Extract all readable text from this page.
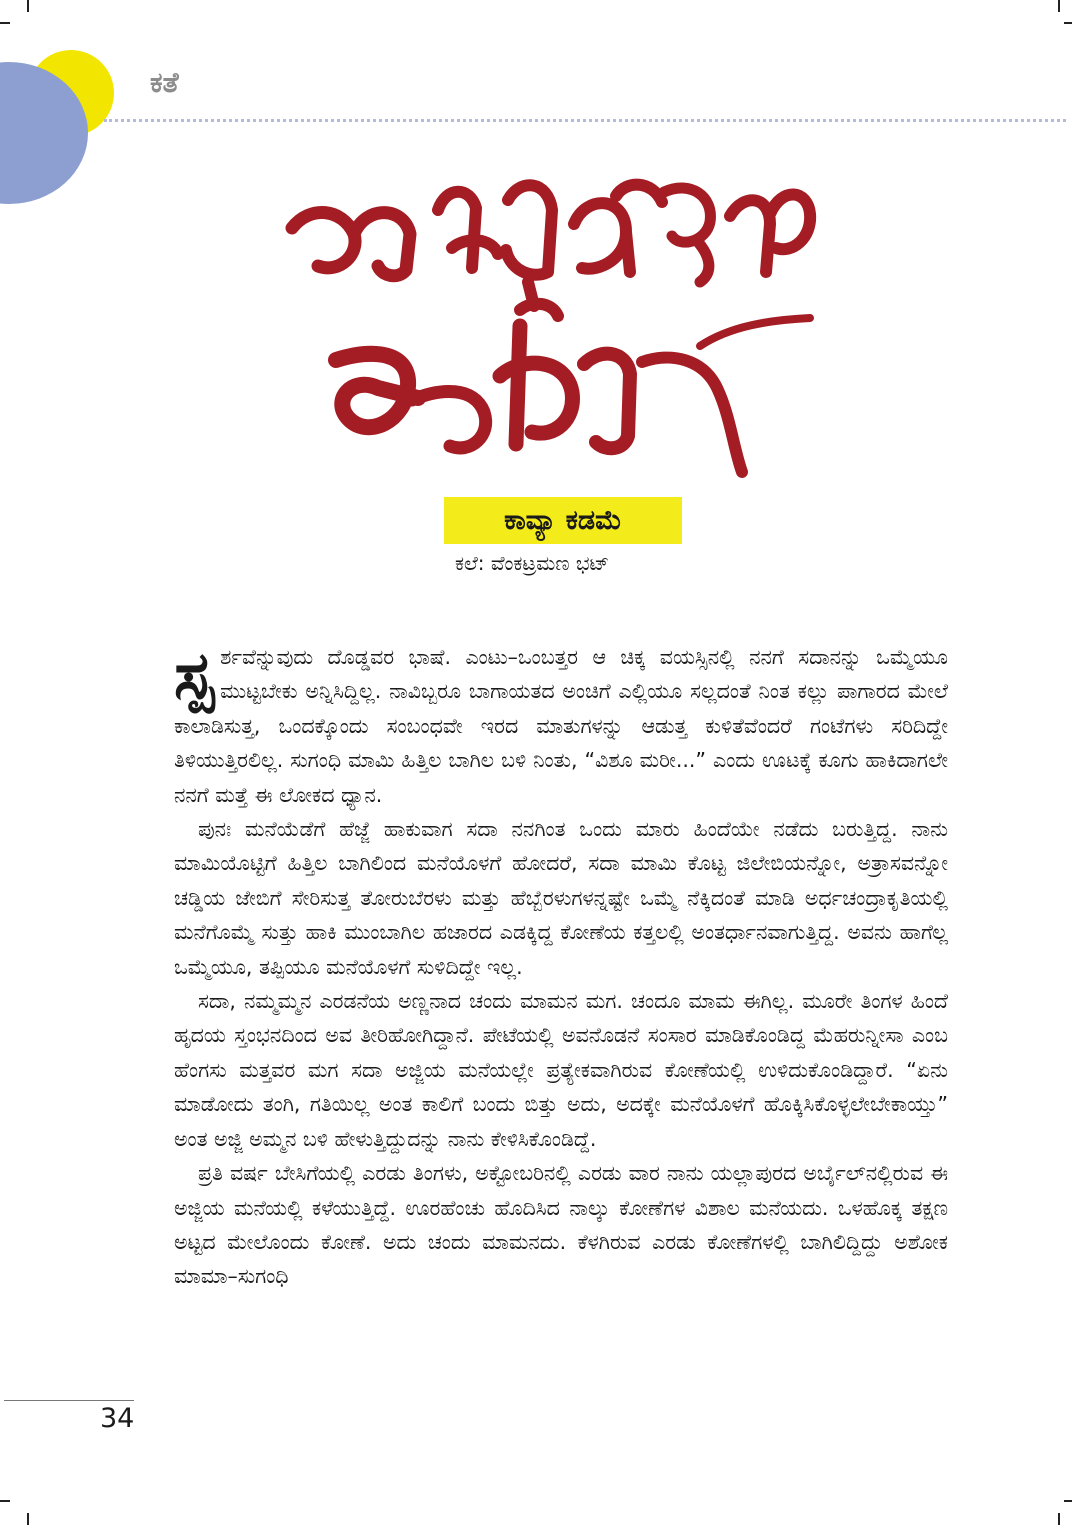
ಕತೆ
ಕಾವ್ಯಾ ಕಡಮೆ
ಕಲೆ: ವೆಂಕಟ್ರಮಣ ಭಟ್

ಸ್ಪ ರ್ಶವೆನ್ನುವುದು ದೊಡ್ಡವರ ಭಾಷೆ. ಎಂಟು–ಒಂಬತ್ತರ ಆ ಚಿಕ್ಕ ವಯಸ್ಸಿನಲ್ಲಿ ನನಗೆ ಸದಾನನ್ನು ಒಮ್ಮೆಯೂ ಮುಟ್ಟಬೇಕು ಅನ್ನಿಸಿದ್ದಿಲ್ಲ. ನಾವಿಬ್ಬರೂ ಬಾಗಾಯತದ ಅಂಚಿಗೆ ಎಲ್ಲಿಯೂ ಸಲ್ಲದಂತೆ ನಿಂತ ಕಲ್ಲು ಪಾಗಾರದ ಮೇಲೆ ಕಾಲಾಡಿಸುತ್ತ, ಒಂದಕ್ಕೊಂದು ಸಂಬಂಧವೇ ಇರದ ಮಾತುಗಳನ್ನು ಆಡುತ್ತ ಕುಳಿತೆವೆಂದರೆ ಗಂಟೆಗಳು ಸರಿದಿದ್ದೇ ತಿಳಿಯುತ್ತಿರಲಿಲ್ಲ. ಸುಗಂಧಿ ಮಾಮಿ ಹಿತ್ತಿಲ ಬಾಗಿಲ ಬಳಿ ನಿಂತು, “ವಿಶೂ ಮರೀ...” ಎಂದು ಊಟಕ್ಕೆ ಕೂಗು ಹಾಕಿದಾಗಲೇ ನನಗೆ ಮತ್ತೆ ಈ ಲೋಕದ ಧ್ಯಾನ.

ಪುನಃ ಮನೆಯೆಡೆಗೆ ಹೆಜ್ಜೆ ಹಾಕುವಾಗ ಸದಾ ನನಗಿಂತ ಒಂದು ಮಾರು ಹಿಂದೆಯೇ ನಡೆದು ಬರುತ್ತಿದ್ದ. ನಾನು ಮಾಮಿಯೊಟ್ಟಿಗೆ ಹಿತ್ತಿಲ ಬಾಗಿಲಿಂದ ಮನೆಯೊಳಗೆ ಹೋದರೆ, ಸದಾ ಮಾಮಿ ಕೊಟ್ಟ ಜಿಲೇಬಿಯನ್ನೋ, ಅತ್ರಾಸವನ್ನೋ ಚಡ್ಡಿಯ ಜೇಬಿಗೆ ಸೇರಿಸುತ್ತ ತೋರುಬೆರಳು ಮತ್ತು ಹೆಬ್ಬೆರಳುಗಳನ್ನಷ್ಟೇ ಒಮ್ಮೆ ನೆಕ್ಕಿದಂತೆ ಮಾಡಿ ಅರ್ಧಚಂದ್ರಾಕೃತಿಯಲ್ಲಿ ಮನೆಗೊಮ್ಮೆ ಸುತ್ತು ಹಾಕಿ ಮುಂಬಾಗಿಲ ಹಜಾರದ ಎಡಕ್ಕಿದ್ದ ಕೋಣೆಯ ಕತ್ತಲಲ್ಲಿ ಅಂತರ್ಧಾನವಾಗುತ್ತಿದ್ದ. ಅವನು ಹಾಗೆಲ್ಲ ಒಮ್ಮೆಯೂ, ತಪ್ಪಿಯೂ ಮನೆಯೊಳಗೆ ಸುಳಿದಿದ್ದೇ ಇಲ್ಲ.

ಸದಾ, ನಮ್ಮಮ್ಮನ ಎರಡನೆಯ ಅಣ್ಣನಾದ ಚಂದು ಮಾಮನ ಮಗ. ಚಂದೂ ಮಾಮ ಈಗಿಲ್ಲ. ಮೂರೇ ತಿಂಗಳ ಹಿಂದೆ ಹೃದಯ ಸ್ತಂಭನದಿಂದ ಅವ ತೀರಿಹೋಗಿದ್ದಾನೆ. ಪೇಟೆಯಲ್ಲಿ ಅವನೊಡನೆ ಸಂಸಾರ ಮಾಡಿಕೊಂಡಿದ್ದ ಮೆಹರುನ್ನೀಸಾ ಎಂಬ ಹೆಂಗಸು ಮತ್ತವರ ಮಗ ಸದಾ ಅಜ್ಜಿಯ ಮನೆಯಲ್ಲೇ ಪ್ರತ್ಯೇಕವಾಗಿರುವ ಕೋಣೆಯಲ್ಲಿ ಉಳಿದುಕೊಂಡಿದ್ದಾರೆ. “ಏನು ಮಾಡೋದು ತಂಗಿ, ಗತಿಯಿಲ್ಲ ಅಂತ ಕಾಲಿಗೆ ಬಂದು ಬಿತ್ತು ಅದು, ಅದಕ್ಕೇ ಮನೆಯೊಳಗೆ ಹೊಕ್ಕಿಸಿಕೊಳ್ಳಲೇಬೇಕಾಯ್ತು” ಅಂತ ಅಜ್ಜಿ ಅಮ್ಮನ ಬಳಿ ಹೇಳುತ್ತಿದ್ದುದನ್ನು ನಾನು ಕೇಳಿಸಿಕೊಂಡಿದ್ದೆ.

ಪ್ರತಿ ವರ್ಷ ಬೇಸಿಗೆಯಲ್ಲಿ ಎರಡು ತಿಂಗಳು, ಅಕ್ಟೋಬರಿನಲ್ಲಿ ಎರಡು ವಾರ ನಾನು ಯಲ್ಲಾಪುರದ ಅರ್ಬೈಲ್‌ನಲ್ಲಿರುವ ಈ ಅಜ್ಜಿಯ ಮನೆಯಲ್ಲಿ ಕಳೆಯುತ್ತಿದ್ದೆ. ಊರಹೆಂಚು ಹೊದಿಸಿದ ನಾಲ್ಕು ಕೋಣೆಗಳ ವಿಶಾಲ ಮನೆಯದು. ಒಳಹೊಕ್ಕ ತಕ್ಷಣ ಅಟ್ಟದ ಮೇಲೊಂದು ಕೋಣೆ. ಅದು ಚಂದು ಮಾಮನದು. ಕೆಳಗಿರುವ ಎರಡು ಕೋಣೆಗಳಲ್ಲಿ ಬಾಗಿಲಿದ್ದಿದ್ದು ಅಶೋಕ ಮಾಮಾ–ಸುಗಂಧಿ

34
